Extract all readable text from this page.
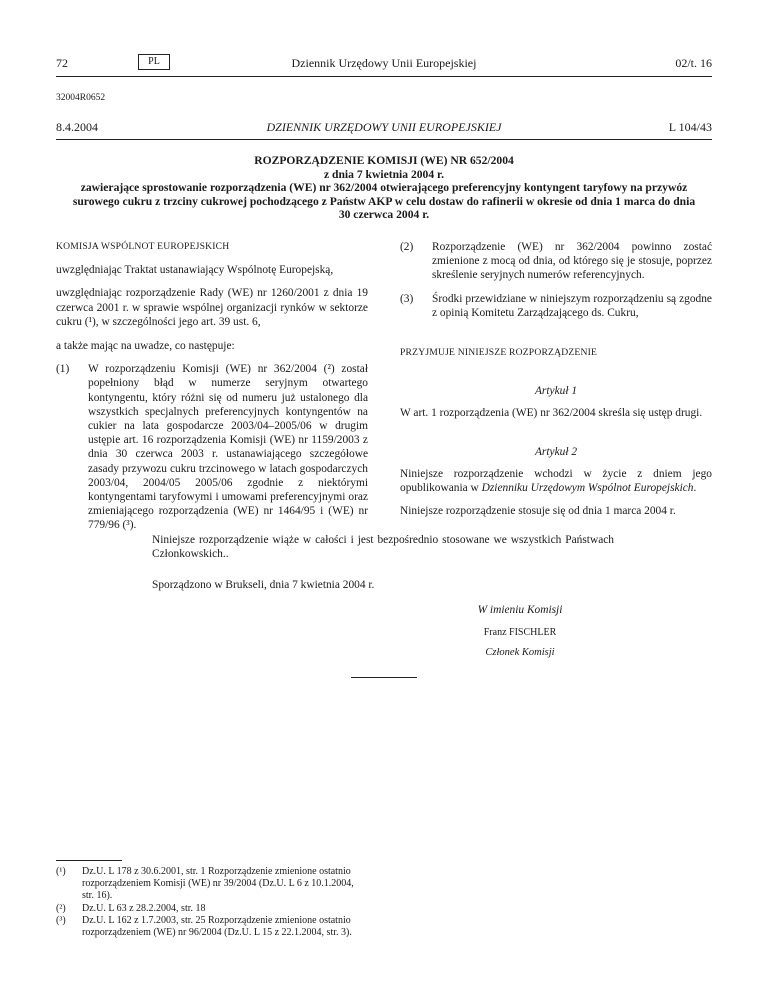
72	PL	Dziennik Urzędowy Unii Europejskiej	02/t. 16
32004R0652
8.4.2004	DZIENNIK URZĘDOWY UNII EUROPEJSKIEJ	L 104/43
ROZPORZĄDZENIE KOMISJI (WE) NR 652/2004
z dnia 7 kwietnia 2004 r.
zawierające sprostowanie rozporządzenia (WE) nr 362/2004 otwierającego preferencyjny kontyngent taryfowy na przywóz surowego cukru z trzciny cukrowej pochodzącego z Państw AKP w celu dostaw do rafinerii w okresie od dnia 1 marca do dnia 30 czerwca 2004 r.
KOMISJA WSPÓLNOT EUROPEJSKICH
uwzględniając Traktat ustanawiający Wspólnotę Europejską,
uwzględniając rozporządzenie Rady (WE) nr 1260/2001 z dnia 19 czerwca 2001 r. w sprawie wspólnej organizacji rynków w sektorze cukru (¹), w szczególności jego art. 39 ust. 6,
a także mając na uwadze, co następuje:
(1) W rozporządzeniu Komisji (WE) nr 362/2004 (²) został popełniony błąd w numerze seryjnym otwartego kontyngentu, który różni się od numeru już ustalonego dla wszystkich specjalnych preferencyjnych kontyngentów na cukier na lata gospodarcze 2003/04–2005/06 w drugim ustępie art. 16 rozporządzenia Komisji (WE) nr 1159/2003 z dnia 30 czerwca 2003 r. ustanawiającego szczegółowe zasady przywozu cukru trzcinowego w latach gospodarczych 2003/04, 2004/05 2005/06 zgodnie z niektórymi kontyngentami taryfowymi i umowami preferencyjnymi oraz zmieniającego rozporządzenia (WE) nr 1464/95 i (WE) nr 779/96 (³).
(2) Rozporządzenie (WE) nr 362/2004 powinno zostać zmienione z mocą od dnia, od którego się je stosuje, poprzez skreślenie seryjnych numerów referencyjnych.
(3) Środki przewidziane w niniejszym rozporządzeniu są zgodne z opinią Komitetu Zarządzającego ds. Cukru,
PRZYJMUJE NINIEJSZE ROZPORZĄDZENIE
Artykuł 1
W art. 1 rozporządzenia (WE) nr 362/2004 skreśla się ustęp drugi.
Artykuł 2
Niniejsze rozporządzenie wchodzi w życie z dniem jego opublikowania w Dzienniku Urzędowym Wspólnot Europejskich.
Niniejsze rozporządzenie stosuje się od dnia 1 marca 2004 r.
Niniejsze rozporządzenie wiąże w całości i jest bezpośrednio stosowane we wszystkich Państwach Członkowskich..
Sporządzono w Brukseli, dnia 7 kwietnia 2004 r.
W imieniu Komisji
Franz FISCHLER
Członek Komisji
(¹) Dz.U. L 178 z 30.6.2001, str. 1 Rozporządzenie zmienione ostatnio rozporządzeniem Komisji (WE) nr 39/2004 (Dz.U. L 6 z 10.1.2004, str. 16).
(²) Dz.U. L 63 z 28.2.2004, str. 18
(³) Dz.U. L 162 z 1.7.2003, str. 25 Rozporządzenie zmienione ostatnio rozporządzeniem (WE) nr 96/2004 (Dz.U. L 15 z 22.1.2004, str. 3).
